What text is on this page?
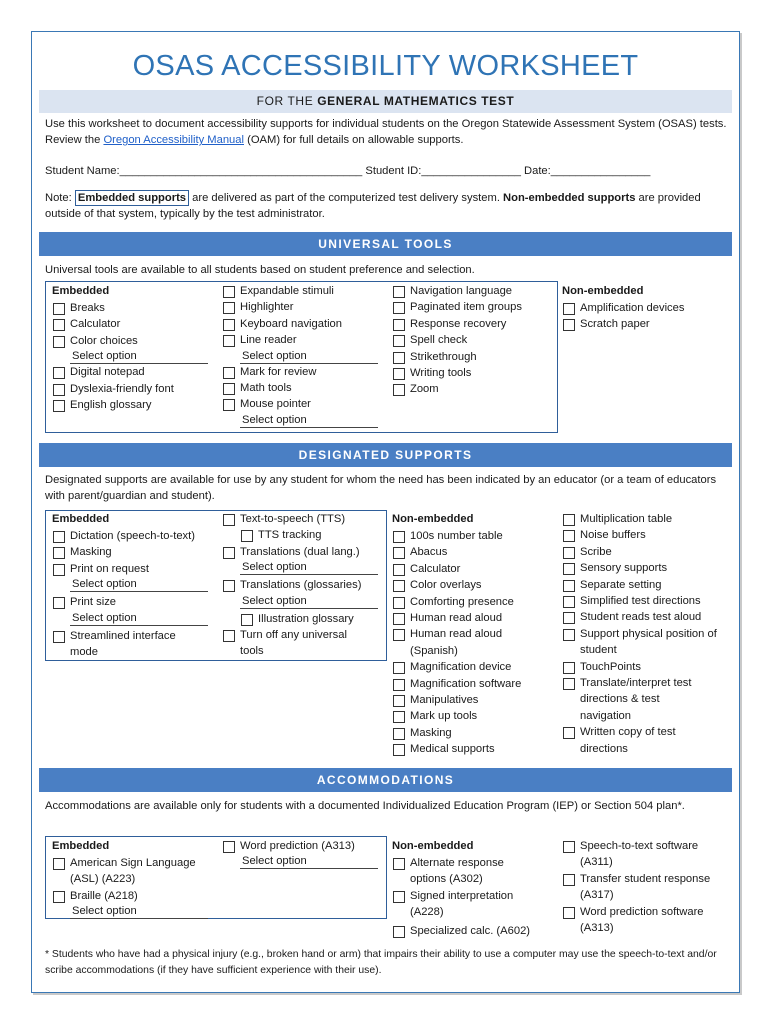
OSAS ACCESSIBILITY WORKSHEET
FOR THE GENERAL MATHEMATICS TEST
Use this worksheet to document accessibility supports for individual students on the Oregon Statewide Assessment System (OSAS) tests. Review the Oregon Accessibility Manual (OAM) for full details on allowable supports.
Student Name:_______________________________________ Student ID:________________ Date:________________
Note: Embedded supports are delivered as part of the computerized test delivery system. Non-embedded supports are provided outside of that system, typically by the test administrator.
UNIVERSAL TOOLS
Universal tools are available to all students based on student preference and selection.
Embedded
Breaks
Calculator
Color choices
Select option
Digital notepad
Dyslexia-friendly font
English glossary
Expandable stimuli
Highlighter
Keyboard navigation
Line reader
Select option
Mark for review
Math tools
Mouse pointer
Select option
Navigation language
Paginated item groups
Response recovery
Spell check
Strikethrough
Writing tools
Zoom
Non-embedded
Amplification devices
Scratch paper
DESIGNATED SUPPORTS
Designated supports are available for use by any student for whom the need has been indicated by an educator (or a team of educators with parent/guardian and student).
Embedded
Dictation (speech-to-text)
Masking
Print on request
Select option
Print size
Select option
Streamlined interface mode
Text-to-speech (TTS)
TTS tracking
Translations (dual lang.)
Select option
Translations (glossaries)
Select option
Illustration glossary
Turn off any universal tools
Non-embedded
100s number table
Abacus
Calculator
Color overlays
Comforting presence
Human read aloud
Human read aloud (Spanish)
Magnification device
Magnification software
Manipulatives
Mark up tools
Masking
Medical supports
Multiplication table
Noise buffers
Scribe
Sensory supports
Separate setting
Simplified test directions
Student reads test aloud
Support physical position of student
TouchPoints
Translate/interpret test directions & test navigation
Written copy of test directions
ACCOMMODATIONS
Accommodations are available only for students with a documented Individualized Education Program (IEP) or Section 504 plan*.
Embedded
American Sign Language (ASL) (A223)
Braille (A218)
Select option
Word prediction (A313)
Select option
Non-embedded
Alternate response options (A302)
Signed interpretation (A228)
Specialized calc. (A602)
Speech-to-text software (A311)
Transfer student response (A317)
Word prediction software (A313)
* Students who have had a physical injury (e.g., broken hand or arm) that impairs their ability to use a computer may use the speech-to-text and/or scribe accommodations (if they have sufficient experience with their use).
